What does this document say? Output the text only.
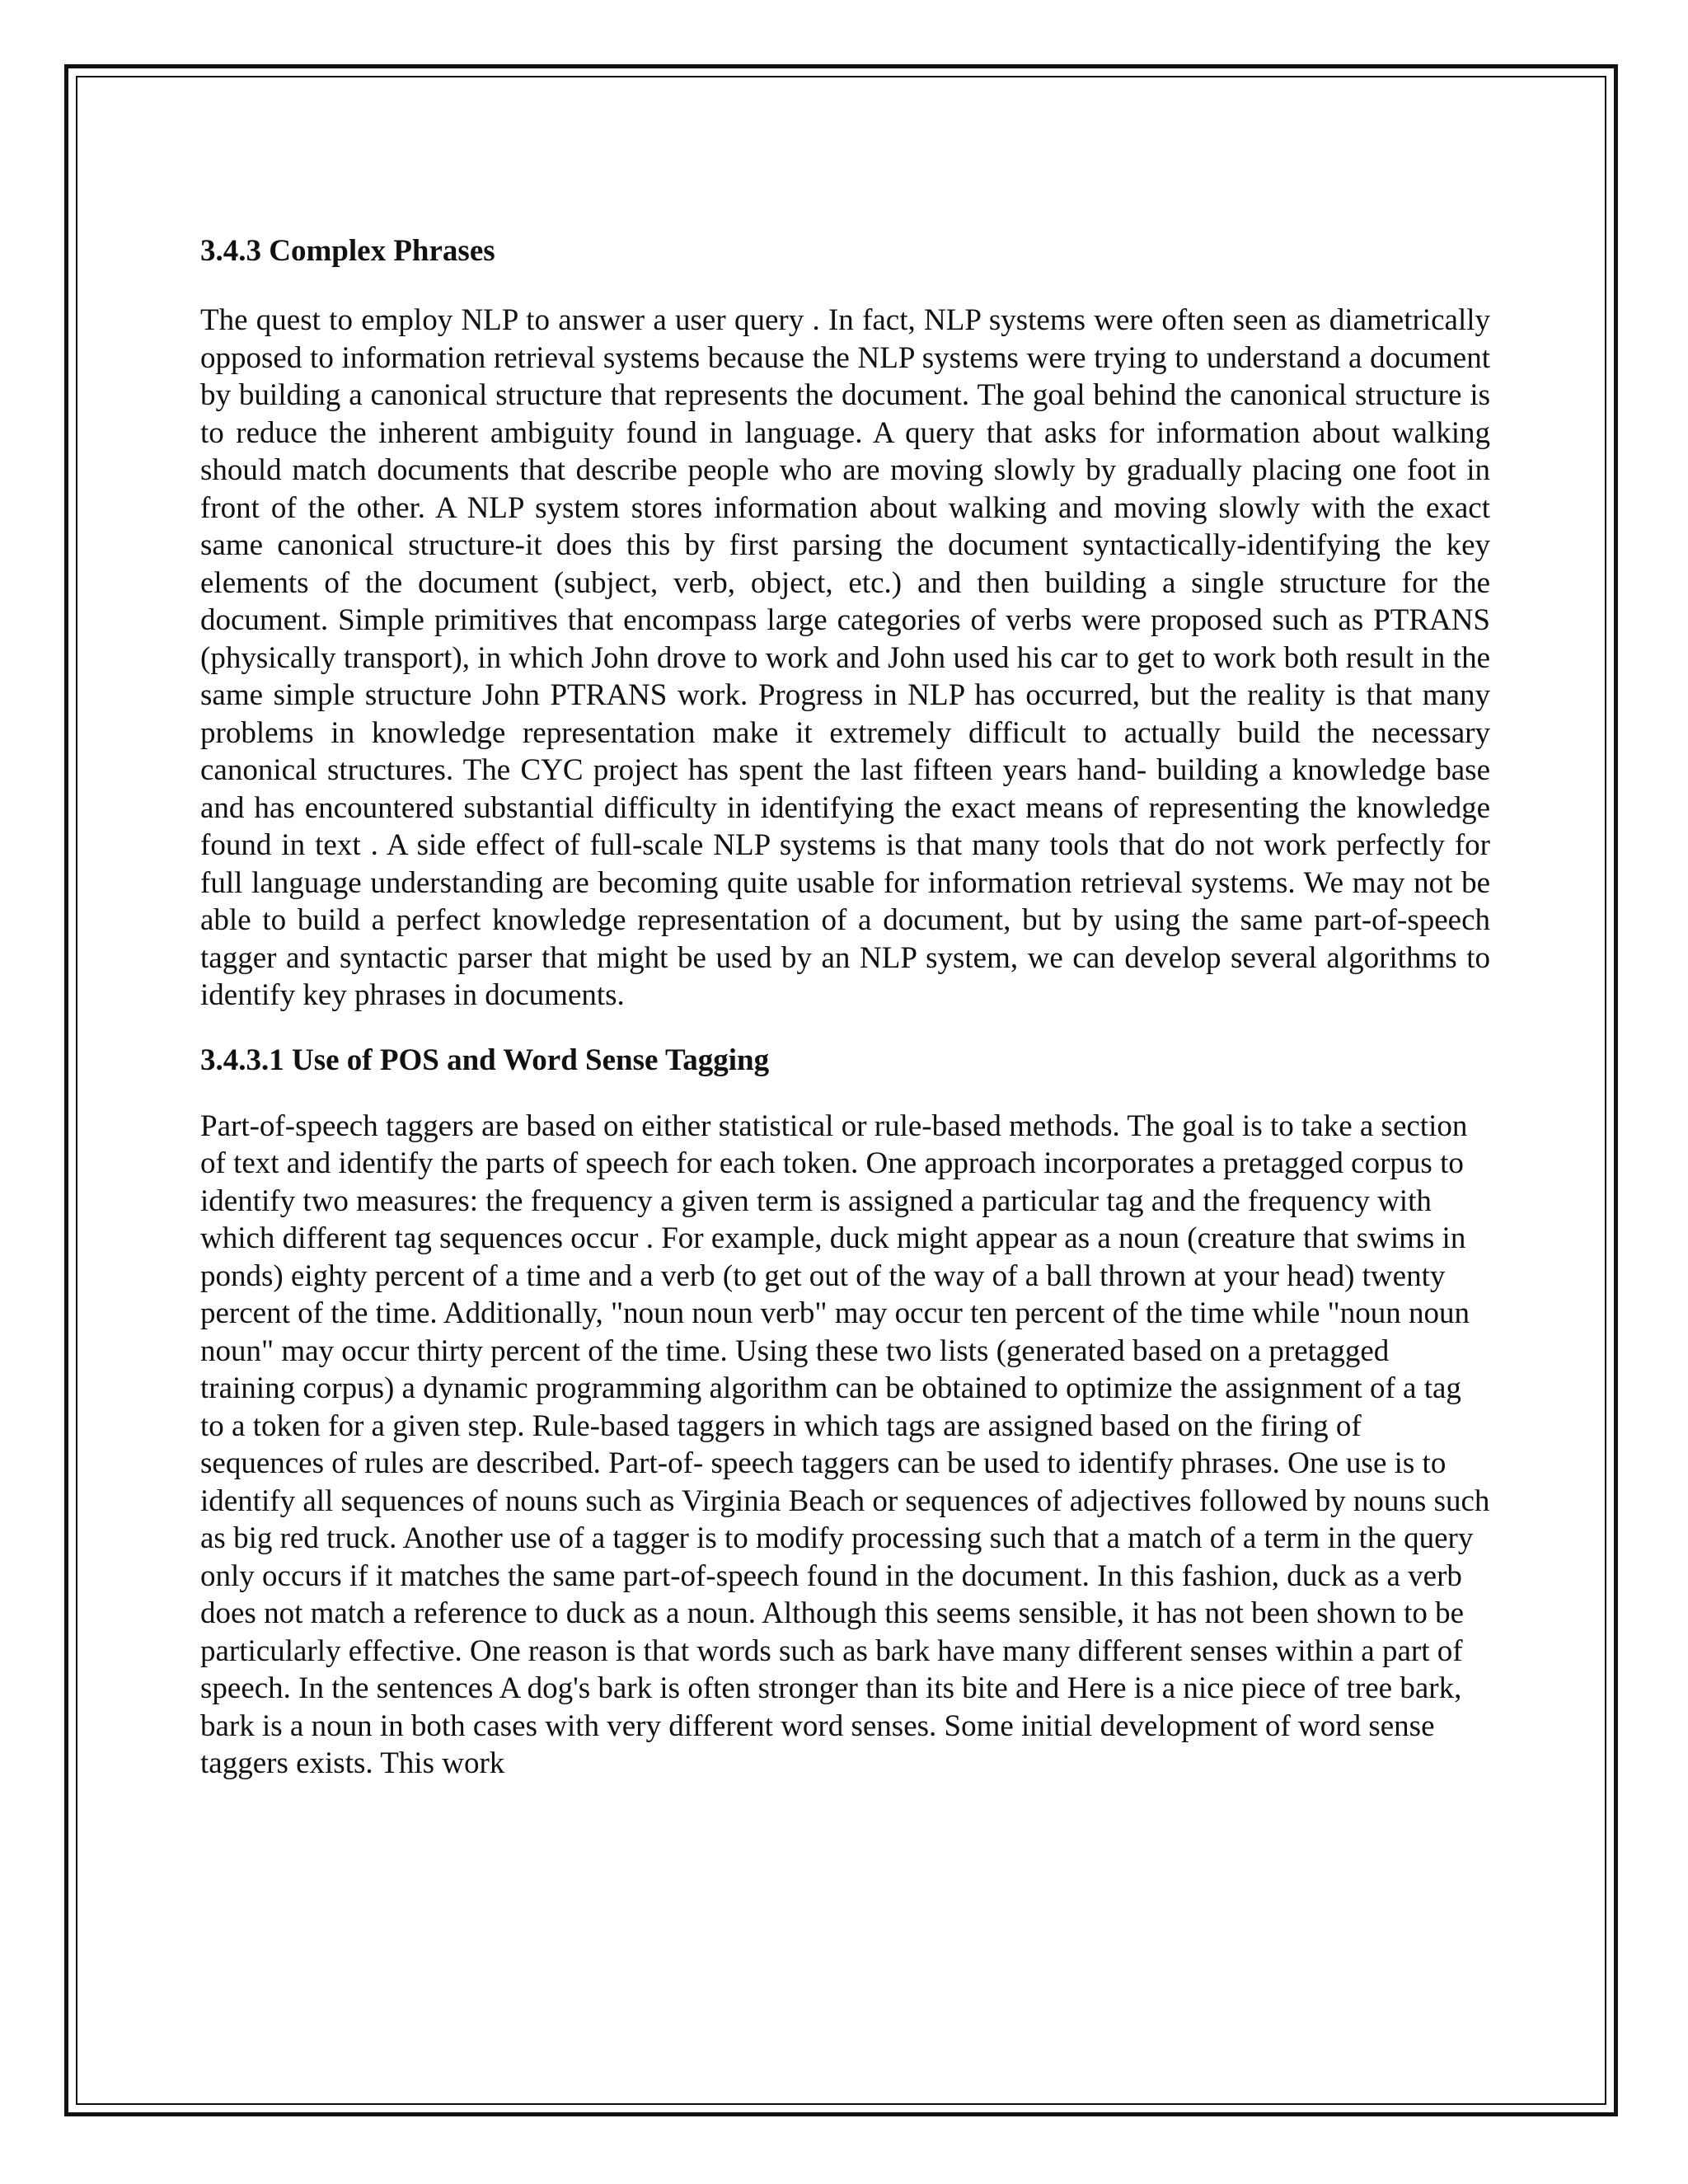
3.4.3 Complex Phrases

The quest to employ NLP to answer a user query . In fact, NLP systems were often seen as diametrically opposed to information retrieval systems because the NLP systems were trying to understand a document by building a canonical structure that represents the document. The goal behind the canonical structure is to reduce the inherent ambiguity found in language. A query that asks for information about walking should match documents that describe people who are moving slowly by gradually placing one foot in front of the other. A NLP system stores information about walking and moving slowly with the exact same canonical structure-it does this by first parsing the document syntactically-identifying the key elements of the document (subject, verb, object, etc.) and then building a single structure for the document. Simple primitives that encompass large categories of verbs were proposed such as PTRANS (physically transport), in which John drove to work and John used his car to get to work both result in the same simple structure John PTRANS work. Progress in NLP has occurred, but the reality is that many problems in knowledge representation make it extremely difficult to actually build the necessary canonical structures. The CYC project has spent the last fifteen years hand- building a knowledge base and has encountered substantial difficulty in identifying the exact means of representing the knowledge found in text . A side effect of full-scale NLP systems is that many tools that do not work perfectly for full language understanding are becoming quite usable for information retrieval systems. We may not be able to build a perfect knowledge representation of a document, but by using the same part-of-speech tagger and syntactic parser that might be used by an NLP system, we can develop several algorithms to identify key phrases in documents.

3.4.3.1 Use of POS and Word Sense Tagging

Part-of-speech taggers are based on either statistical or rule-based methods. The goal is to take a section of text and identify the parts of speech for each token. One approach incorporates a pretagged corpus to identify two measures: the frequency a given term is assigned a particular tag and the frequency with which different tag sequences occur . For example, duck might appear as a noun (creature that swims in ponds) eighty percent of a time and a verb (to get out of the way of a ball thrown at your head) twenty percent of the time. Additionally, "noun noun verb" may occur ten percent of the time while "noun noun noun" may occur thirty percent of the time. Using these two lists (generated based on a pretagged training corpus) a dynamic programming algorithm can be obtained to optimize the assignment of a tag to a token for a given step. Rule-based taggers in which tags are assigned based on the firing of sequences of rules are described. Part-of- speech taggers can be used to identify phrases. One use is to identify all sequences of nouns such as Virginia Beach or sequences of adjectives followed by nouns such as big red truck. Another use of a tagger is to modify processing such that a match of a term in the query only occurs if it matches the same part-of-speech found in the document. In this fashion, duck as a verb does not match a reference to duck as a noun. Although this seems sensible, it has not been shown to be particularly effective. One reason is that words such as bark have many different senses within a part of speech. In the sentences A dog's bark is often stronger than its bite and Here is a nice piece of tree bark, bark is a noun in both cases with very different word senses. Some initial development of word sense taggers exists. This work
